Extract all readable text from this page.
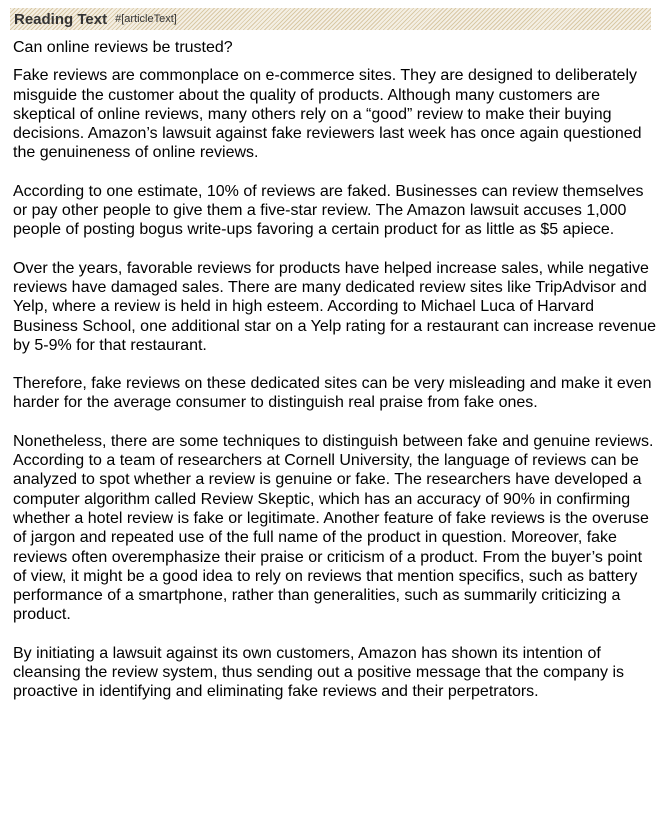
Reading Text #[articleText]

Can online reviews be trusted?

Fake reviews are commonplace on e-commerce sites. They are designed to deliberately misguide the customer about the quality of products. Although many customers are skeptical of online reviews, many others rely on a “good” review to make their buying decisions. Amazon’s lawsuit against fake reviewers last week has once again questioned the genuineness of online reviews.

According to one estimate, 10% of reviews are faked. Businesses can review themselves or pay other people to give them a five-star review. The Amazon lawsuit accuses 1,000 people of posting bogus write-ups favoring a certain product for as little as $5 apiece.

Over the years, favorable reviews for products have helped increase sales, while negative reviews have damaged sales. There are many dedicated review sites like TripAdvisor and Yelp, where a review is held in high esteem. According to Michael Luca of Harvard Business School, one additional star on a Yelp rating for a restaurant can increase revenue by 5-9% for that restaurant.

Therefore, fake reviews on these dedicated sites can be very misleading and make it even harder for the average consumer to distinguish real praise from fake ones.

Nonetheless, there are some techniques to distinguish between fake and genuine reviews. According to a team of researchers at Cornell University, the language of reviews can be analyzed to spot whether a review is genuine or fake. The researchers have developed a computer algorithm called Review Skeptic, which has an accuracy of 90% in confirming whether a hotel review is fake or legitimate. Another feature of fake reviews is the overuse of jargon and repeated use of the full name of the product in question. Moreover, fake reviews often overemphasize their praise or criticism of a product. From the buyer’s point of view, it might be a good idea to rely on reviews that mention specifics, such as battery performance of a smartphone, rather than generalities, such as summarily criticizing a product.

By initiating a lawsuit against its own customers, Amazon has shown its intention of cleansing the review system, thus sending out a positive message that the company is proactive in identifying and eliminating fake reviews and their perpetrators.
